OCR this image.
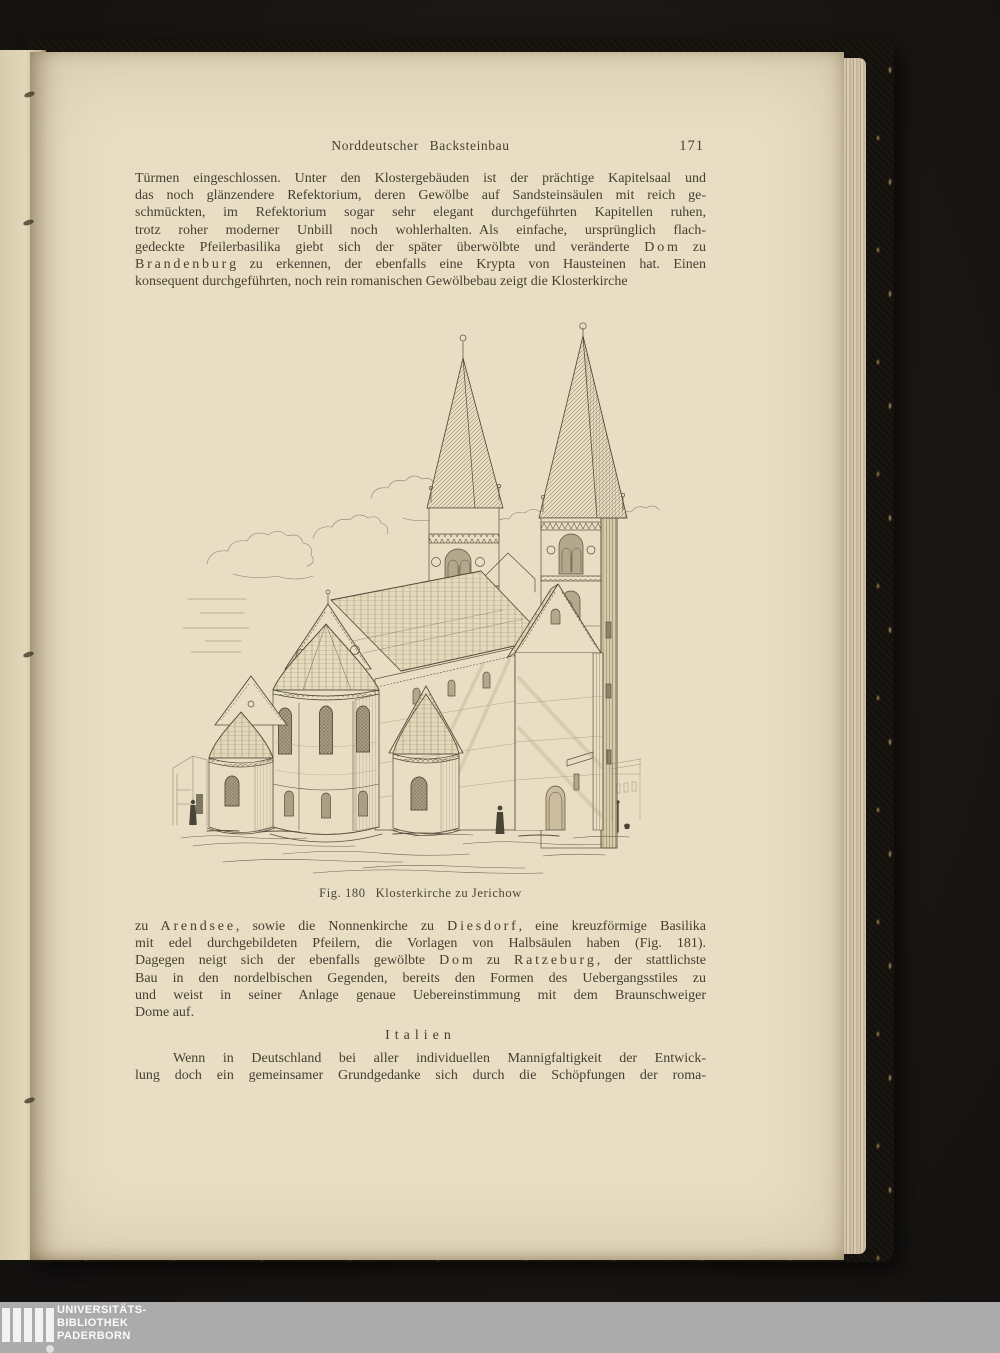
Norddeutscher Backsteinbau	171
Türmen eingeschlossen. Unter den Klostergebäuden ist der prächtige Kapitelsaal und
das noch glänzendere Refektorium, deren Gewölbe auf Sandsteinsäulen mit reich ge-
schmückten, im Refektorium sogar sehr elegant durchgeführten Kapitellen ruhen,
trotz roher moderner Unbill noch wohlerhalten. Als einfache, ursprünglich flach-
gedeckte Pfeilerbasilika giebt sich der später überwölbte und veränderte D o m zu
B r a n d e n b u r g zu erkennen, der ebenfalls eine Krypta von Hausteinen hat. Einen
konsequent durchgeführten, noch rein romanischen Gewölbebau zeigt die Klosterkirche
Fig. 180 Klosterkirche zu Jerichow
zu A r e n d s e e , sowie die Nonnenkirche zu D i e s d o r f , eine kreuzförmige Basilika
mit edel durchgebildeten Pfeilern, die Vorlagen von Halbsäulen haben (Fig. 181).
Dagegen neigt sich der ebenfalls gewölbte D o m zu R a t z e b u r g , der stattlichste
Bau in den nordelbischen Gegenden, bereits den Formen des Uebergangsstiles zu
und weist in seiner Anlage genaue Uebereinstimmung mit dem Braunschweiger
Dome auf.
Italien
Wenn in Deutschland bei aller individuellen Mannigfaltigkeit der Entwick-
lung doch ein gemeinsamer Grundgedanke sich durch die Schöpfungen der roma-
UNIVERSITÄTS-
BIBLIOTHEK
PADERBORN
